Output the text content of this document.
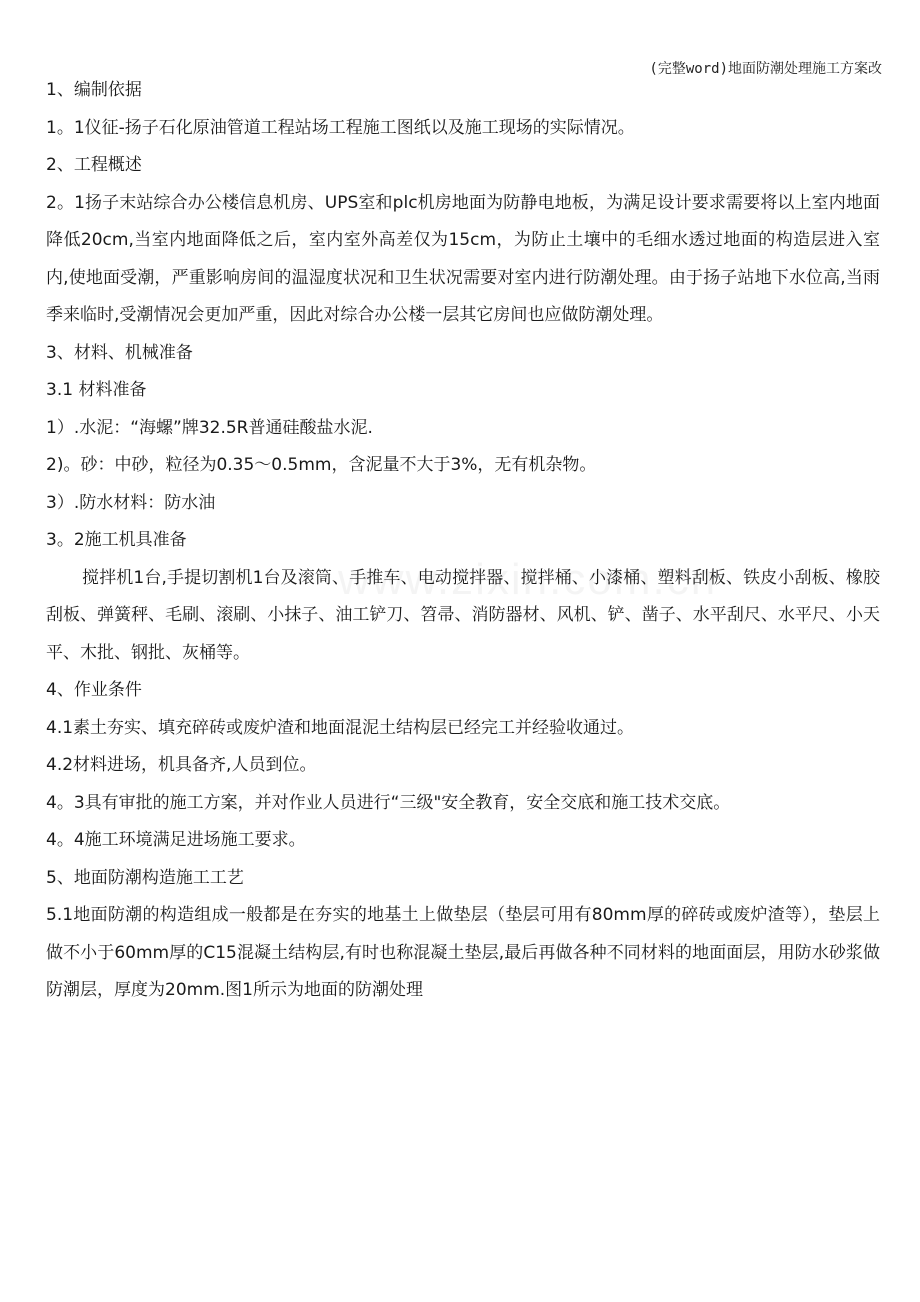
(完整word)地面防潮处理施工方案改

1、编制依据

1。1仪征-扬子石化原油管道工程站场工程施工图纸以及施工现场的实际情况。

2、工程概述

2。1扬子末站综合办公楼信息机房、UPS室和plc机房地面为防静电地板，为满足设计要求需要将以上室内地面降低20cm,当室内地面降低之后，室内室外高差仅为15cm，为防止土壤中的毛细水透过地面的构造层进入室内,使地面受潮，严重影响房间的温湿度状况和卫生状况需要对室内进行防潮处理。由于扬子站地下水位高,当雨季来临时,受潮情况会更加严重，因此对综合办公楼一层其它房间也应做防潮处理。

3、材料、机械准备

3.1 材料准备

1）.水泥：“海螺”牌32.5R普通硅酸盐水泥.

2)。砂：中砂，粒径为0.35～0.5mm，含泥量不大于3%，无有机杂物。

3）.防水材料：防水油

3。2施工机具准备

搅拌机1台,手提切割机1台及滚筒、手推车、电动搅拌器、搅拌桶、小漆桶、塑料刮板、铁皮小刮板、橡胶刮板、弹簧秤、毛刷、滚刷、小抹子、油工铲刀、笤帚、消防器材、风机、铲、凿子、水平刮尺、水平尺、小天平、木批、钢批、灰桶等。

4、作业条件

4.1素土夯实、填充碎砖或废炉渣和地面混泥土结构层已经完工并经验收通过。

4.2材料进场，机具备齐,人员到位。

4。3具有审批的施工方案，并对作业人员进行“三级"安全教育，安全交底和施工技术交底。

4。4施工环境满足进场施工要求。

5、地面防潮构造施工工艺

5.1地面防潮的构造组成一般都是在夯实的地基土上做垫层（垫层可用有80mm厚的碎砖或废炉渣等），垫层上做不小于60mm厚的C15混凝土结构层,有时也称混凝土垫层,最后再做各种不同材料的地面面层，用防水砂浆做防潮层，厚度为20mm.图1所示为地面的防潮处理
